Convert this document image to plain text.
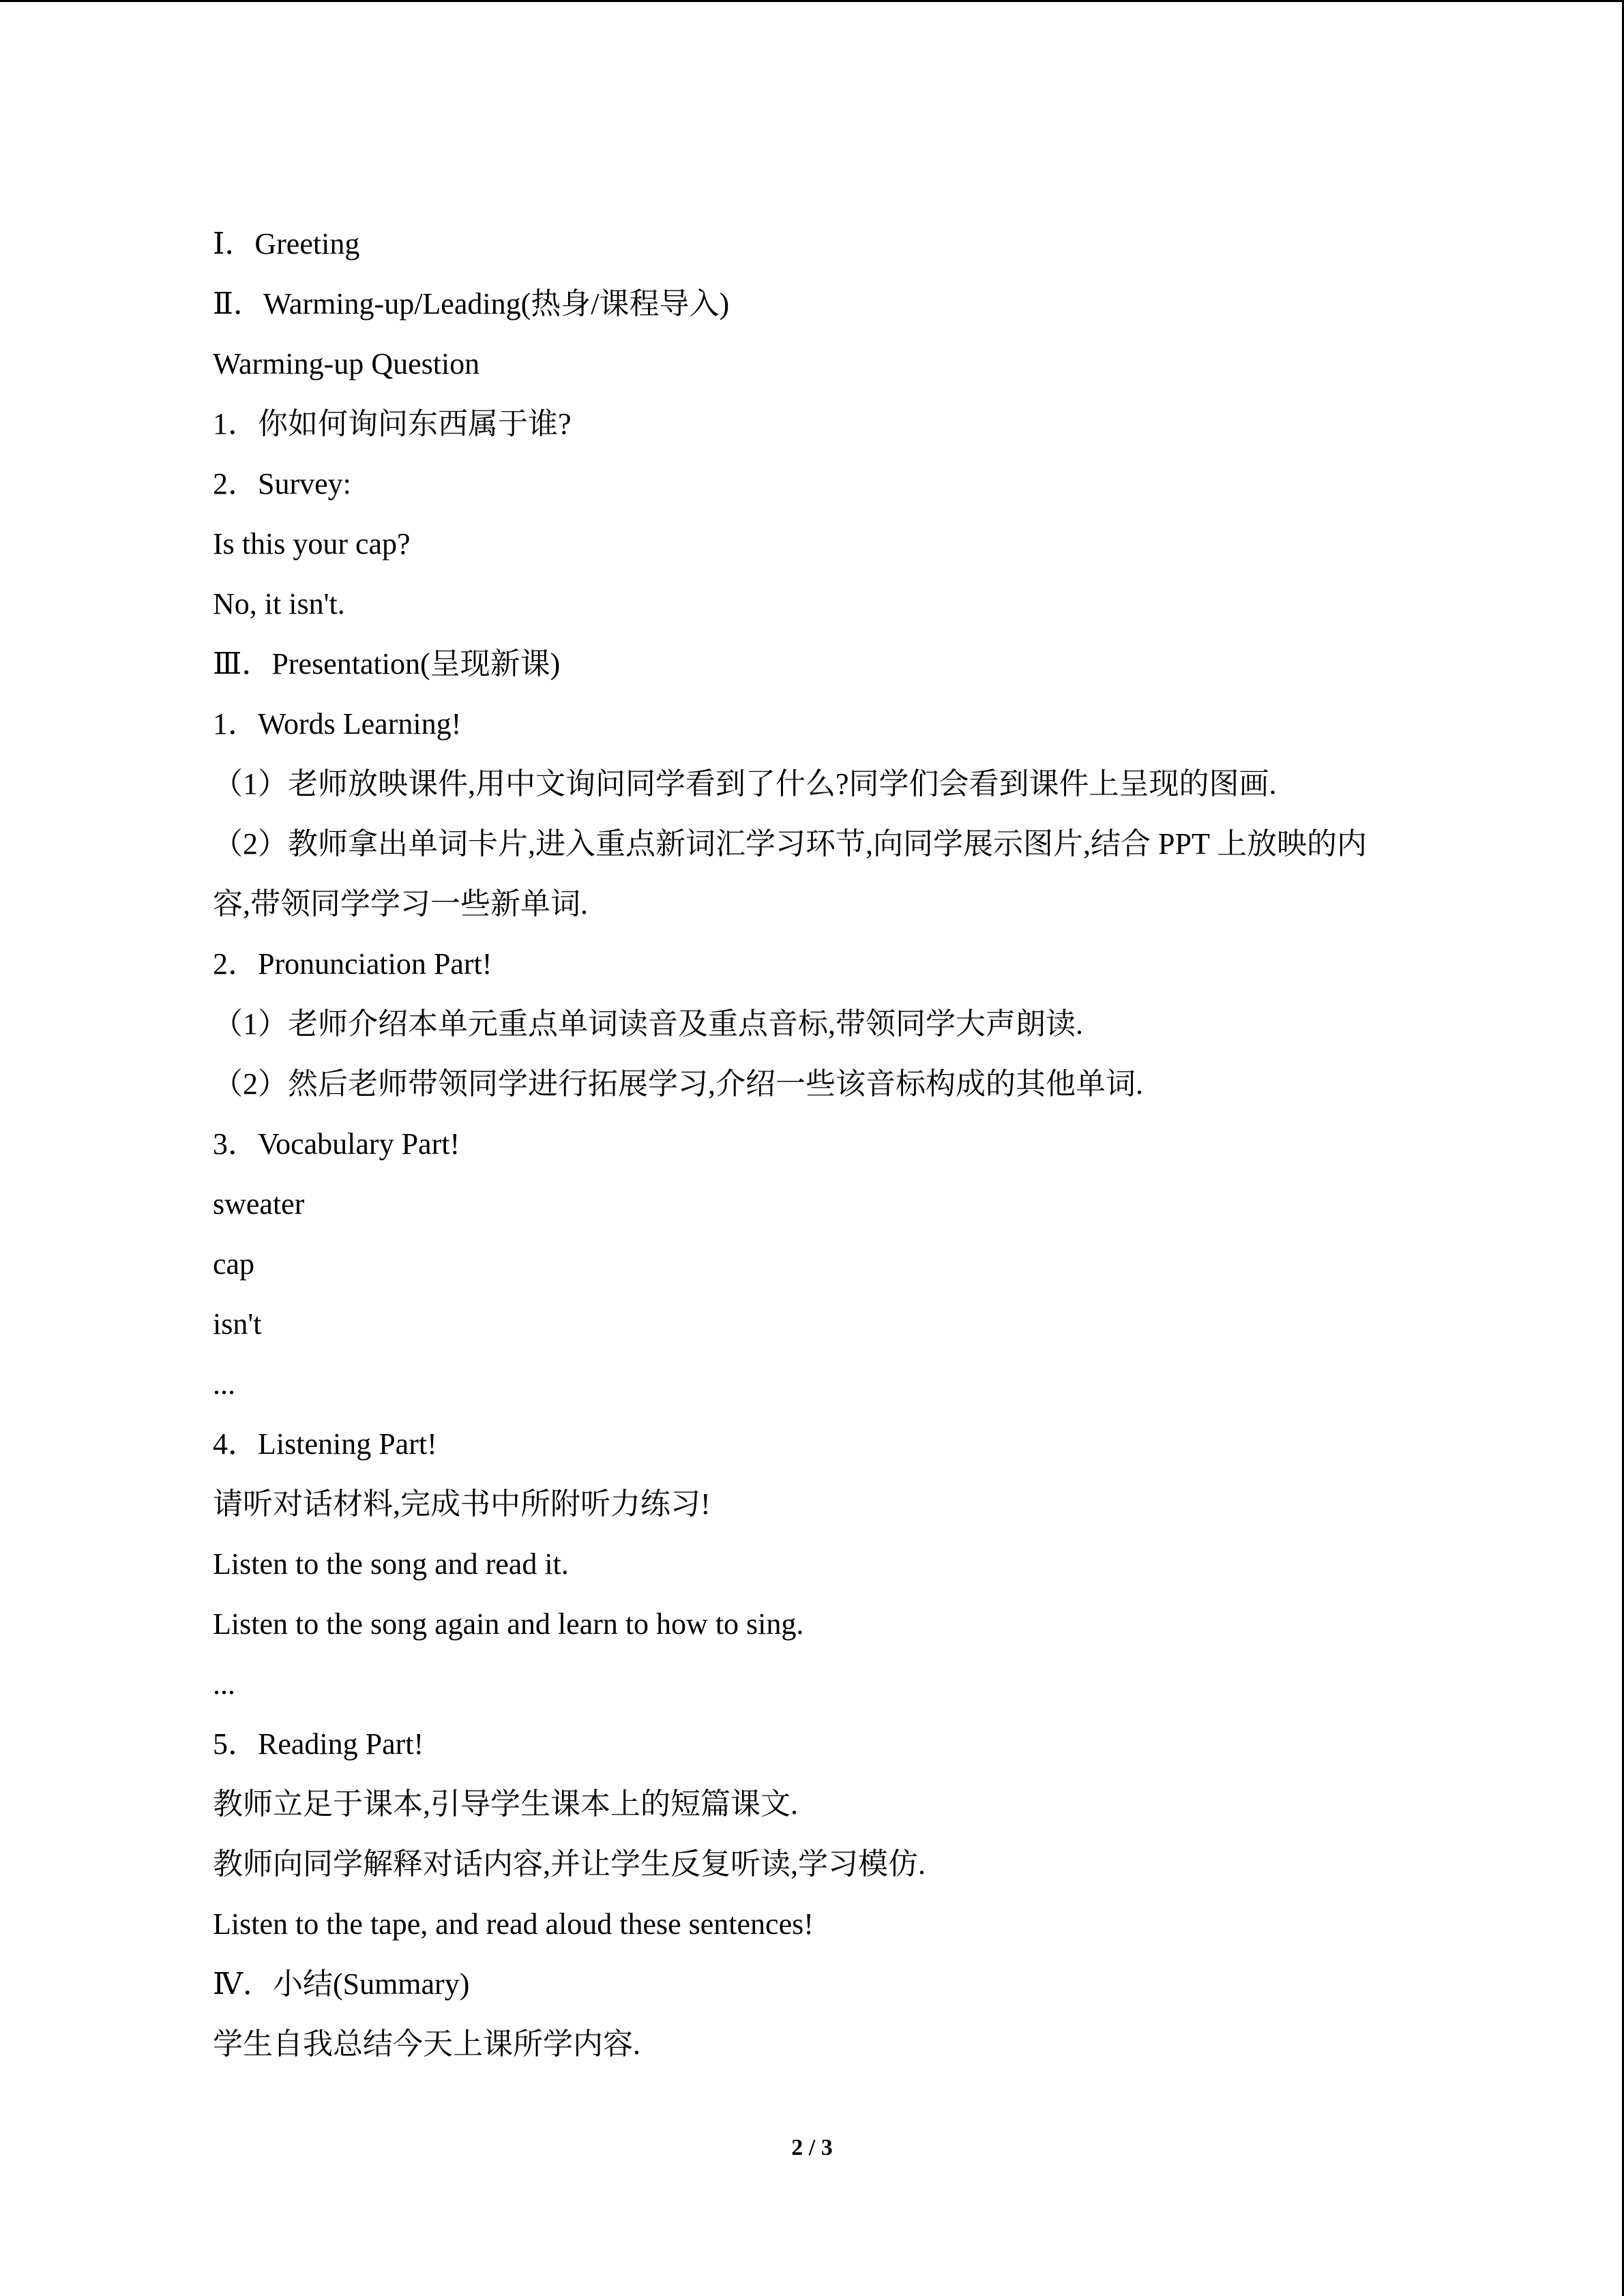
Ⅰ．Greeting
Ⅱ．Warming-up/Leading(热身/课程导入)
Warming-up Question
1．你如何询问东西属于谁?
2．Survey:
Is this your cap?
No, it isn't.
Ⅲ．Presentation(呈现新课)
1．Words Learning!
（1）老师放映课件,用中文询问同学看到了什么?同学们会看到课件上呈现的图画.
（2）教师拿出单词卡片,进入重点新词汇学习环节,向同学展示图片,结合 PPT 上放映的内
容,带领同学学习一些新单词.
2．Pronunciation Part!
（1）老师介绍本单元重点单词读音及重点音标,带领同学大声朗读.
（2）然后老师带领同学进行拓展学习,介绍一些该音标构成的其他单词.
3．Vocabulary Part!
sweater
cap
isn't
...
4．Listening Part!
请听对话材料,完成书中所附听力练习!
Listen to the song and read it.
Listen to the song again and learn to how to sing.
...
5．Reading Part!
教师立足于课本,引导学生课本上的短篇课文.
教师向同学解释对话内容,并让学生反复听读,学习模仿.
Listen to the tape, and read aloud these sentences!
Ⅳ．小结(Summary)
学生自我总结今天上课所学内容.
2 / 3
